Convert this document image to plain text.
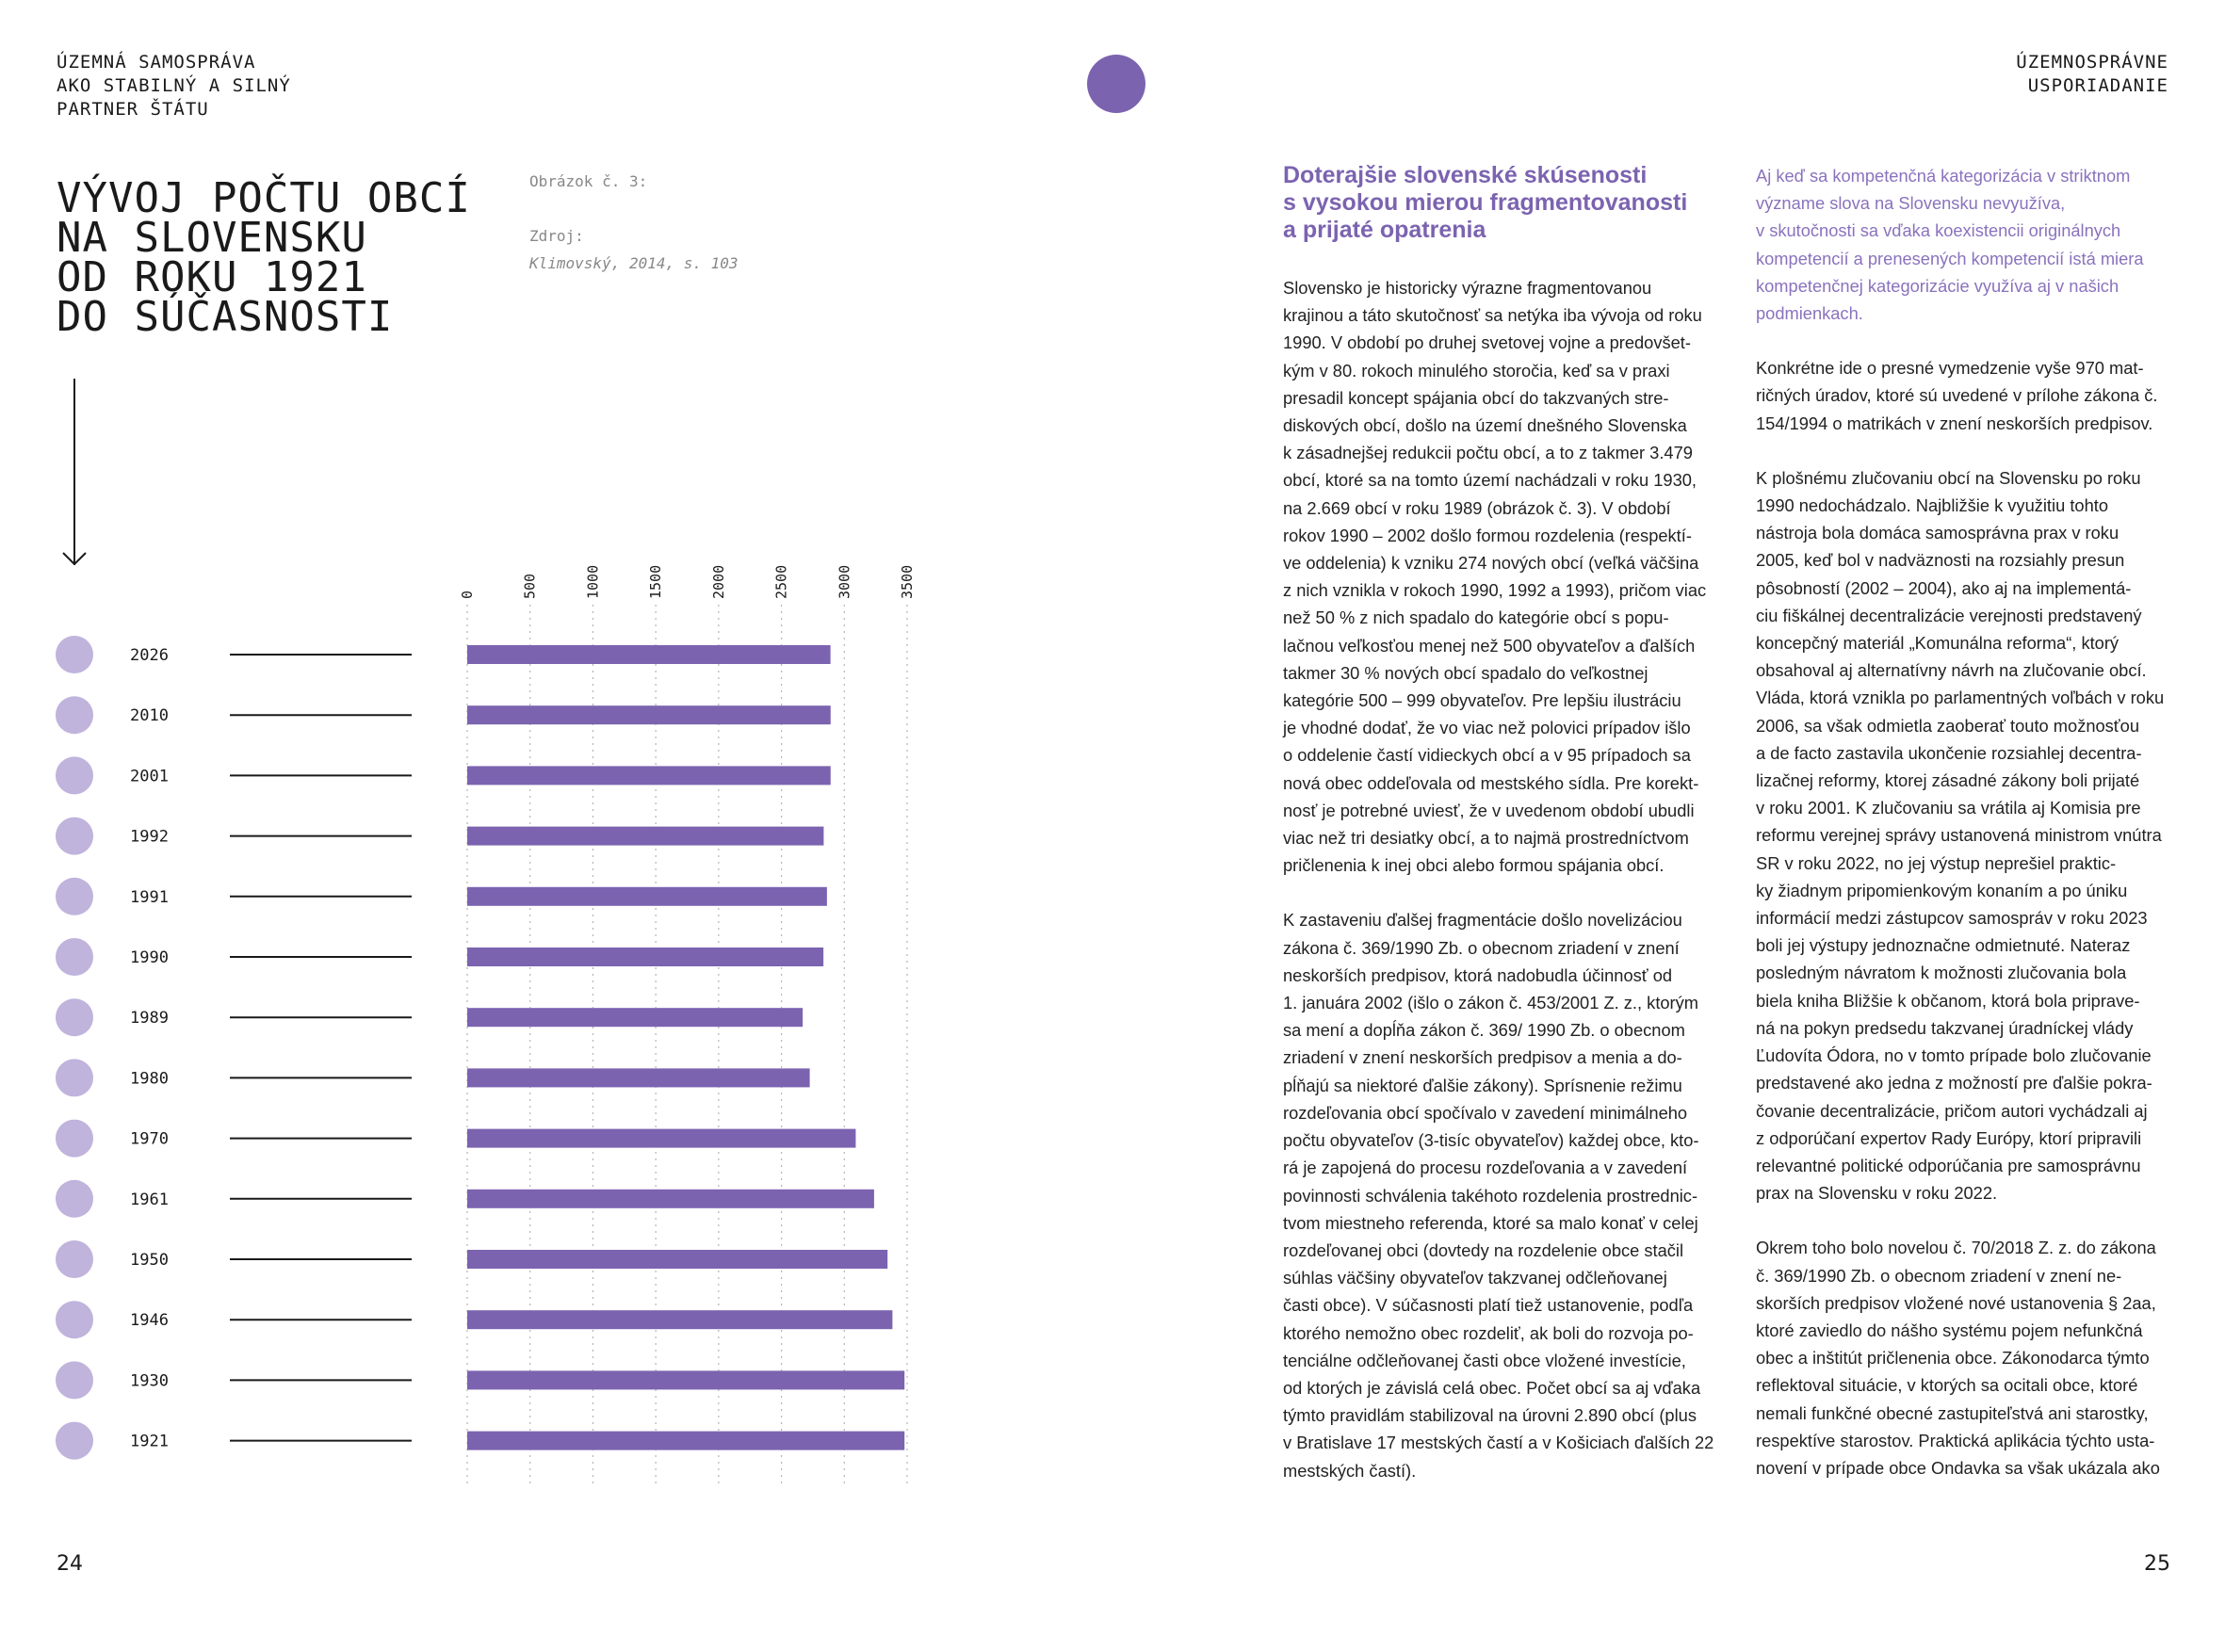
ÚZEMNÁ SAMOSPRÁVA
AKO STABILNÝ A SILNÝ
PARTNER ŠTÁTU
ÚZEMNOSPRÁVNE
USPORIADANIE
VÝVOJ POČTU OBCÍ
NA SLOVENSKU
OD ROKU 1921
DO SÚČASNOSTI
Obrázok č. 3:
Zdroj:
Klimovský, 2014, s. 103
0	500	1000	1500	2000	2500	3000	3500
2026
2010
2001
1992
1991
1990
1989
1980
1970
1961
1950
1946
1930
1921
Doterajšie slovenské skúsenosti
s vysokou mierou fragmentovanosti
a prijaté opatrenia
Slovensko je historicky výrazne fragmentovanou
krajinou a táto skutočnosť sa netýka iba vývoja od roku
1990. V období po druhej svetovej vojne a predovšet-
kým v 80. rokoch minulého storočia, keď sa v praxi
presadil koncept spájania obcí do takzvaných stre-
diskových obcí, došlo na území dnešného Slovenska
k zásadnejšej redukcii počtu obcí, a to z takmer 3.479
obcí, ktoré sa na tomto území nachádzali v roku 1930,
na 2.669 obcí v roku 1989 (obrázok č. 3). V období
rokov 1990 – 2002 došlo formou rozdelenia (respektí-
ve oddelenia) k vzniku 274 nových obcí (veľká väčšina
z nich vznikla v rokoch 1990, 1992 a 1993), pričom viac
než 50 % z nich spadalo do kategórie obcí s popu-
lačnou veľkosťou menej než 500 obyvateľov a ďalších
takmer 30 % nových obcí spadalo do veľkostnej
kategórie 500 – 999 obyvateľov. Pre lepšiu ilustráciu
je vhodné dodať, že vo viac než polovici prípadov išlo
o oddelenie častí vidieckych obcí a v 95 prípadoch sa
nová obec oddeľovala od mestského sídla. Pre korekt-
nosť je potrebné uviesť, že v uvedenom období ubudli
viac než tri desiatky obcí, a to najmä prostredníctvom
pričlenenia k inej obci alebo formou spájania obcí.
K zastaveniu ďalšej fragmentácie došlo novelizáciou
zákona č. 369/1990 Zb. o obecnom zriadení v znení
neskorších predpisov, ktorá nadobudla účinnosť od
1. januára 2002 (išlo o zákon č. 453/2001 Z. z., ktorým
sa mení a dopĺňa zákon č. 369/ 1990 Zb. o obecnom
zriadení v znení neskorších predpisov a menia a do-
pĺňajú sa niektoré ďalšie zákony). Sprísnenie režimu
rozdeľovania obcí spočívalo v zavedení minimálneho
počtu obyvateľov (3-tisíc obyvateľov) každej obce, kto-
rá je zapojená do procesu rozdeľovania a v zavedení
povinnosti schválenia takéhoto rozdelenia prostrednic-
tvom miestneho referenda, ktoré sa malo konať v celej
rozdeľovanej obci (dovtedy na rozdelenie obce stačil
súhlas väčšiny obyvateľov takzvanej odčleňovanej
časti obce). V súčasnosti platí tiež ustanovenie, podľa
ktorého nemožno obec rozdeliť, ak boli do rozvoja po-
tenciálne odčleňovanej časti obce vložené investície,
od ktorých je závislá celá obec. Počet obcí sa aj vďaka
týmto pravidlám stabilizoval na úrovni 2.890 obcí (plus
v Bratislave 17 mestských častí a v Košiciach ďalších 22
mestských častí).
Aj keď sa kompetenčná kategorizácia v striktnom
význame slova na Slovensku nevyužíva,
v skutočnosti sa vďaka koexistencii originálnych
kompetencií a prenesených kompetencií istá miera
kompetenčnej kategorizácie využíva aj v našich
podmienkach.
Konkrétne ide o presné vymedzenie vyše 970 mat-
ričných úradov, ktoré sú uvedené v prílohe zákona č.
154/1994 o matrikách v znení neskorších predpisov.
K plošnému zlučovaniu obcí na Slovensku po roku
1990 nedochádzalo. Najbližšie k využitiu tohto
nástroja bola domáca samosprávna prax v roku
2005, keď bol v nadväznosti na rozsiahly presun
pôsobností (2002 – 2004), ako aj na implementá-
ciu fiškálnej decentralizácie verejnosti predstavený
koncepčný materiál „Komunálna reforma“, ktorý
obsahoval aj alternatívny návrh na zlučovanie obcí.
Vláda, ktorá vznikla po parlamentných voľbách v roku
2006, sa však odmietla zaoberať touto možnosťou
a de facto zastavila ukončenie rozsiahlej decentra-
lizačnej reformy, ktorej zásadné zákony boli prijaté
v roku 2001. K zlučovaniu sa vrátila aj Komisia pre
reformu verejnej správy ustanovená ministrom vnútra
SR v roku 2022, no jej výstup neprešiel praktic-
ky žiadnym pripomienkovým konaním a po úniku
informácií medzi zástupcov samospráv v roku 2023
boli jej výstupy jednoznačne odmietnuté. Nateraz
posledným návratom k možnosti zlučovania bola
biela kniha Bližšie k občanom, ktorá bola priprave-
ná na pokyn predsedu takzvanej úradníckej vlády
Ľudovíta Ódora, no v tomto prípade bolo zlučovanie
predstavené ako jedna z možností pre ďalšie pokra-
čovanie decentralizácie, pričom autori vychádzali aj
z odporúčaní expertov Rady Európy, ktorí pripravili
relevantné politické odporúčania pre samosprávnu
prax na Slovensku v roku 2022.
Okrem toho bolo novelou č. 70/2018 Z. z. do zákona
č. 369/1990 Zb. o obecnom zriadení v znení ne-
skorších predpisov vložené nové ustanovenia § 2aa,
ktoré zaviedlo do nášho systému pojem nefunkčná
obec a inštitút pričlenenia obce. Zákonodarca týmto
reflektoval situácie, v ktorých sa ocitali obce, ktoré
nemali funkčné obecné zastupiteľstvá ani starostky,
respektíve starostov. Praktická aplikácia týchto usta-
novení v prípade obce Ondavka sa však ukázala ako
24	25
